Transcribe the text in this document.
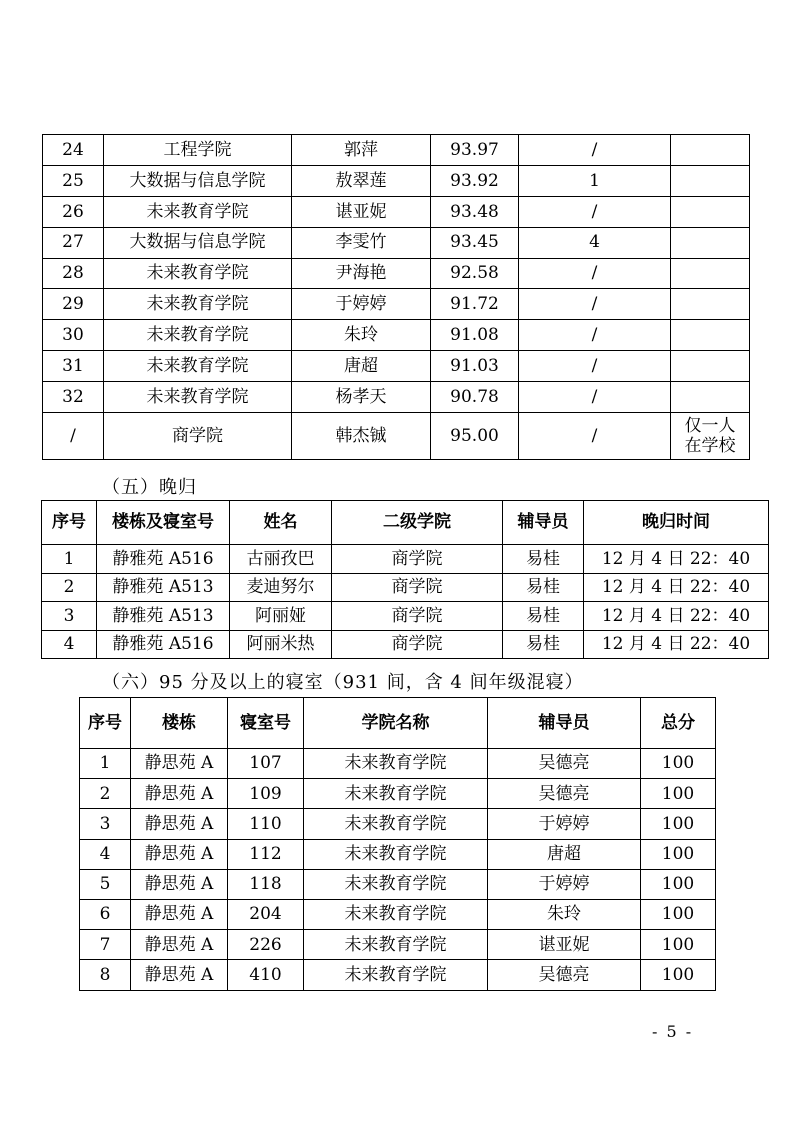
24	工程学院	郭萍	93.97	/	
25	大数据与信息学院	敖翠莲	93.92	1	
26	未来教育学院	谌亚妮	93.48	/	
27	大数据与信息学院	李雯竹	93.45	4	
28	未来教育学院	尹海艳	92.58	/	
29	未来教育学院	于婷婷	91.72	/	
30	未来教育学院	朱玲	91.08	/	
31	未来教育学院	唐超	91.03	/	
32	未来教育学院	杨孝天	90.78	/	
/	商学院	韩杰铖	95.00	/	仅一人
在学校
（五）晚归
序号	楼栋及寝室号	姓名	二级学院	辅导员	晚归时间
1	静雅苑 A516	古丽孜巴	商学院	易桂	12 月 4 日 22：40
2	静雅苑 A513	麦迪努尔	商学院	易桂	12 月 4 日 22：40
3	静雅苑 A513	阿丽娅	商学院	易桂	12 月 4 日 22：40
4	静雅苑 A516	阿丽米热	商学院	易桂	12 月 4 日 22：40
（六）95 分及以上的寝室（931 间，含 4 间年级混寝）
序号	楼栋	寝室号	学院名称	辅导员	总分
1	静思苑 A	107	未来教育学院	吴德亮	100
2	静思苑 A	109	未来教育学院	吴德亮	100
3	静思苑 A	110	未来教育学院	于婷婷	100
4	静思苑 A	112	未来教育学院	唐超	100
5	静思苑 A	118	未来教育学院	于婷婷	100
6	静思苑 A	204	未来教育学院	朱玲	100
7	静思苑 A	226	未来教育学院	谌亚妮	100
8	静思苑 A	410	未来教育学院	吴德亮	100
- 5 -
